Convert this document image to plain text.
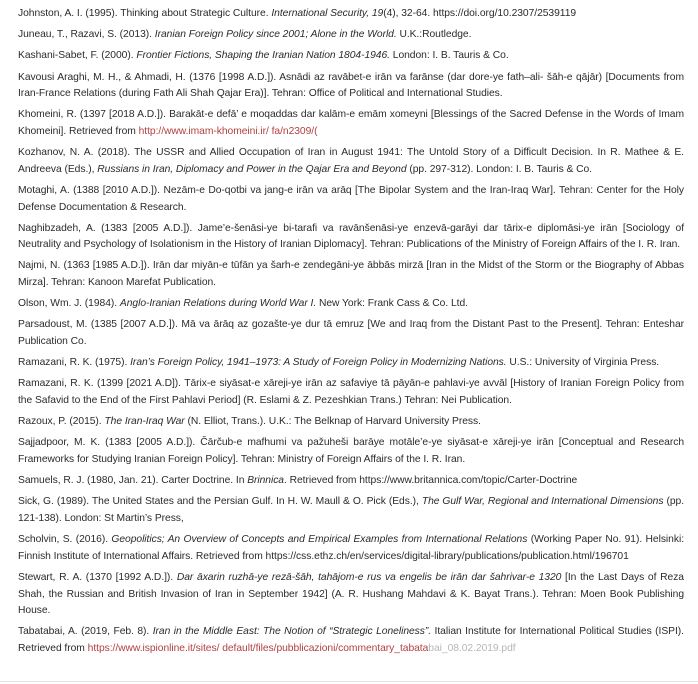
Johnston, A. I. (1995). Thinking about Strategic Culture. International Security, 19(4), 32-64. https://doi.org/10.2307/2539119

Juneau, T., Razavi, S. (2013). Iranian Foreign Policy since 2001; Alone in the World. U.K.:Routledge.

Kashani-Sabet, F. (2000). Frontier Fictions, Shaping the Iranian Nation 1804-1946. London: I. B. Tauris & Co.

Kavousi Araghi, M. H., & Ahmadi, H. (1376 [1998 A.D.]). Asnādi az ravābet-e irān va farānse (dar dore-ye fath–ali- šāh-e qājār) [Documents from Iran-France Relations (during Fath Ali Shah Qajar Era)]. Tehran: Office of Political and International Studies.

Khomeini, R. (1397 [2018 A.D.]). Barakāt-e defā’ e moqaddas dar kalām-e emām xomeyni [Blessings of the Sacred Defense in the Words of Imam Khomeini]. Retrieved from http://www.imam-khomeini.ir/ fa/n2309/(

Kozhanov, N. A. (2018). The USSR and Allied Occupation of Iran in August 1941: The Untold Story of a Difficult Decision. In R. Mathee & E. Andreeva (Eds.), Russians in Iran, Diplomacy and Power in the Qajar Era and Beyond (pp. 297-312). London: I. B. Tauris & Co.

Motaghi, A. (1388 [2010 A.D.]). Nezām-e Do-qotbi va jang-e irān va arāq [The Bipolar System and the Iran-Iraq War]. Tehran: Center for the Holy Defense Documentation & Research.

Naghibzadeh, A. (1383 [2005 A.D.]). Jame’e-šenāsi-ye bi-tarafi va ravānšenāsi-ye enzevā-garāyi dar tārix-e diplomāsi-ye irān [Sociology of Neutrality and Psychology of Isolationism in the History of Iranian Diplomacy]. Tehran: Publications of the Ministry of Foreign Affairs of the I. R. Iran.

Najmi, N. (1363 [1985 A.D.]). Irān dar miyān-e tūfān ya šarh-e zendegāni-ye ābbās mirzā [Iran in the Midst of the Storm or the Biography of Abbas Mirza]. Tehran: Kanoon Marefat Publication.

Olson, Wm. J. (1984). Anglo-Iranian Relations during World War I. New York: Frank Cass & Co. Ltd.

Parsadoust, M. (1385 [2007 A.D.]). Mā va ārāq az gozašte-ye dur tā emruz [We and Iraq from the Distant Past to the Present]. Tehran: Enteshar Publication Co.

Ramazani, R. K. (1975). Iran’s Foreign Policy, 1941–1973: A Study of Foreign Policy in Modernizing Nations. U.S.: University of Virginia Press.

Ramazani, R. K. (1399 [2021 A.D]). Tārix-e siyāsat-e xāreji-ye irān az safaviye tā pāyān-e pahlavi-ye avvāl [History of Iranian Foreign Policy from the Safavid to the End of the First Pahlavi Period] (R. Eslami & Z. Pezeshkian Trans.) Tehran: Nei Publication.

Razoux, P. (2015). The Iran-Iraq War (N. Elliot, Trans.). U.K.: The Belknap of Harvard University Press.

Sajjadpoor, M. K. (1383 [2005 A.D.]). Čārčub-e mafhumi va pažuheši barāye motāle’e-ye siyāsat-e xāreji-ye irān [Conceptual and Research Frameworks for Studying Iranian Foreign Policy]. Tehran: Ministry of Foreign Affairs of the I. R. Iran.

Samuels, R. J. (1980, Jan. 21). Carter Doctrine. In Brinnica. Retrieved from https://www.britannica.com/topic/Carter-Doctrine

Sick, G. (1989). The United States and the Persian Gulf. In H. W. Maull & O. Pick (Eds.), The Gulf War, Regional and International Dimensions (pp. 121-138). London: St Martin’s Press,

Scholvin, S. (2016). Geopolitics; An Overview of Concepts and Empirical Examples from International Relations (Working Paper No. 91). Helsinki: Finnish Institute of International Affairs. Retrieved from https://css.ethz.ch/en/services/digital-library/publications/publication.html/196701

Stewart, R. A. (1370 [1992 A.D.]). Dar āxarin ruzhā-ye rezā-šāh, tahājom-e rus va engelis be irān dar šahrivar-e 1320 [In the Last Days of Reza Shah, the Russian and British Invasion of Iran in September 1942] (A. R. Hushang Mahdavi & K. Bayat Trans.). Tehran: Moen Book Publishing House.

Tabatabai, A. (2019, Feb. 8). Iran in the Middle East: The Notion of “Strategic Loneliness”. Italian Institute for International Political Studies (ISPI). Retrieved from https://www.ispionline.it/sites/ default/files/pubblicazioni/commentary_tabatabai_08.02.2019.pdf
